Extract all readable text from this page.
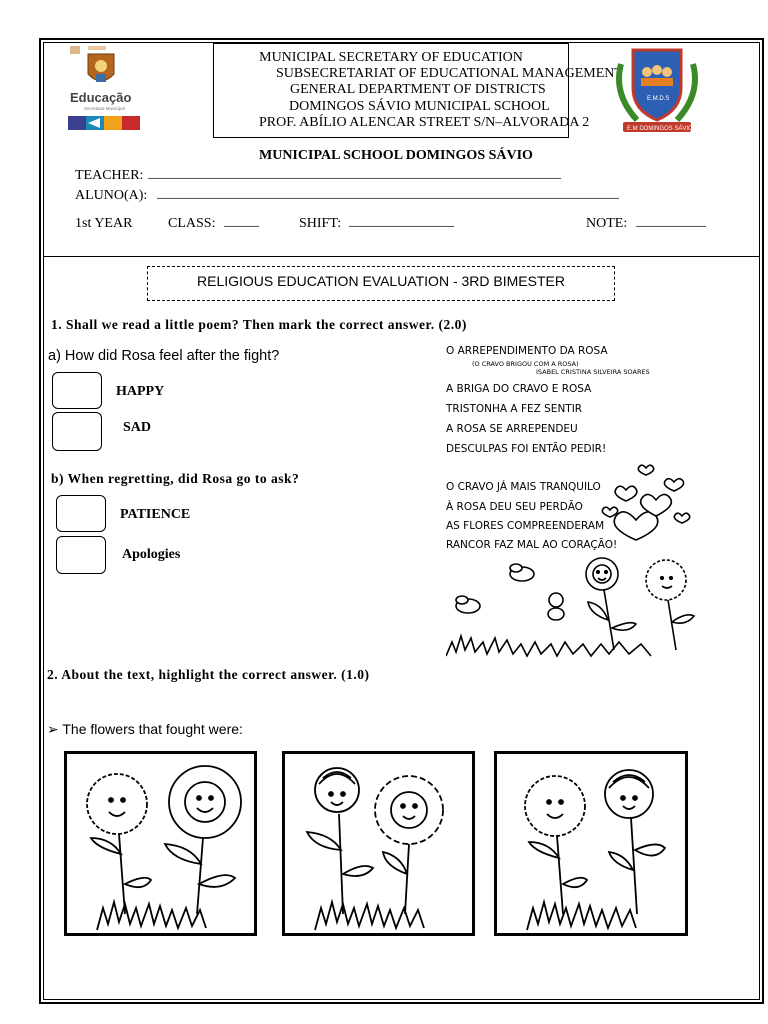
Educação
Secretaria Municipal
MUNICIPAL SECRETARY OF EDUCATION
SUBSECRETARIAT OF EDUCATIONAL MANAGEMENT
GENERAL DEPARTMENT OF DISTRICTS
DOMINGOS SÁVIO MUNICIPAL SCHOOL
PROF. ABÍLIO ALENCAR STREET S/N–ALVORADA 2
E.M.D.S
E.M DOMINGOS SÁVIO
MUNICIPAL SCHOOL DOMINGOS SÁVIO
TEACHER: ___________________________________________________________
ALUNO(A): __________________________________________________________________
1st YEAR	CLASS: _____	SHIFT: _______________	NOTE: __________
RELIGIOUS EDUCATION EVALUATION - 3RD BIMESTER
1. Shall we read a little poem? Then mark the correct answer. (2.0)
a) How did Rosa feel after the fight?
HAPPY
SAD
b) When regretting, did Rosa go to ask?
PATIENCE
Apologies
O ARREPENDIMENTO DA ROSA
(O CRAVO BRIGOU COM A ROSA)
ISABEL CRISTINA SILVEIRA SOARES
A BRIGA DO CRAVO E ROSA
TRISTONHA A FEZ SENTIR
A ROSA SE ARREPENDEU
DESCULPAS FOI ENTÃO PEDIR!
O CRAVO JÁ MAIS TRANQUILO
À ROSA DEU SEU PERDÃO
AS FLORES COMPREENDERAM
RANCOR FAZ MAL AO CORAÇÃO!
2. About the text, highlight the correct answer. (1.0)
➢ The flowers that fought were:
